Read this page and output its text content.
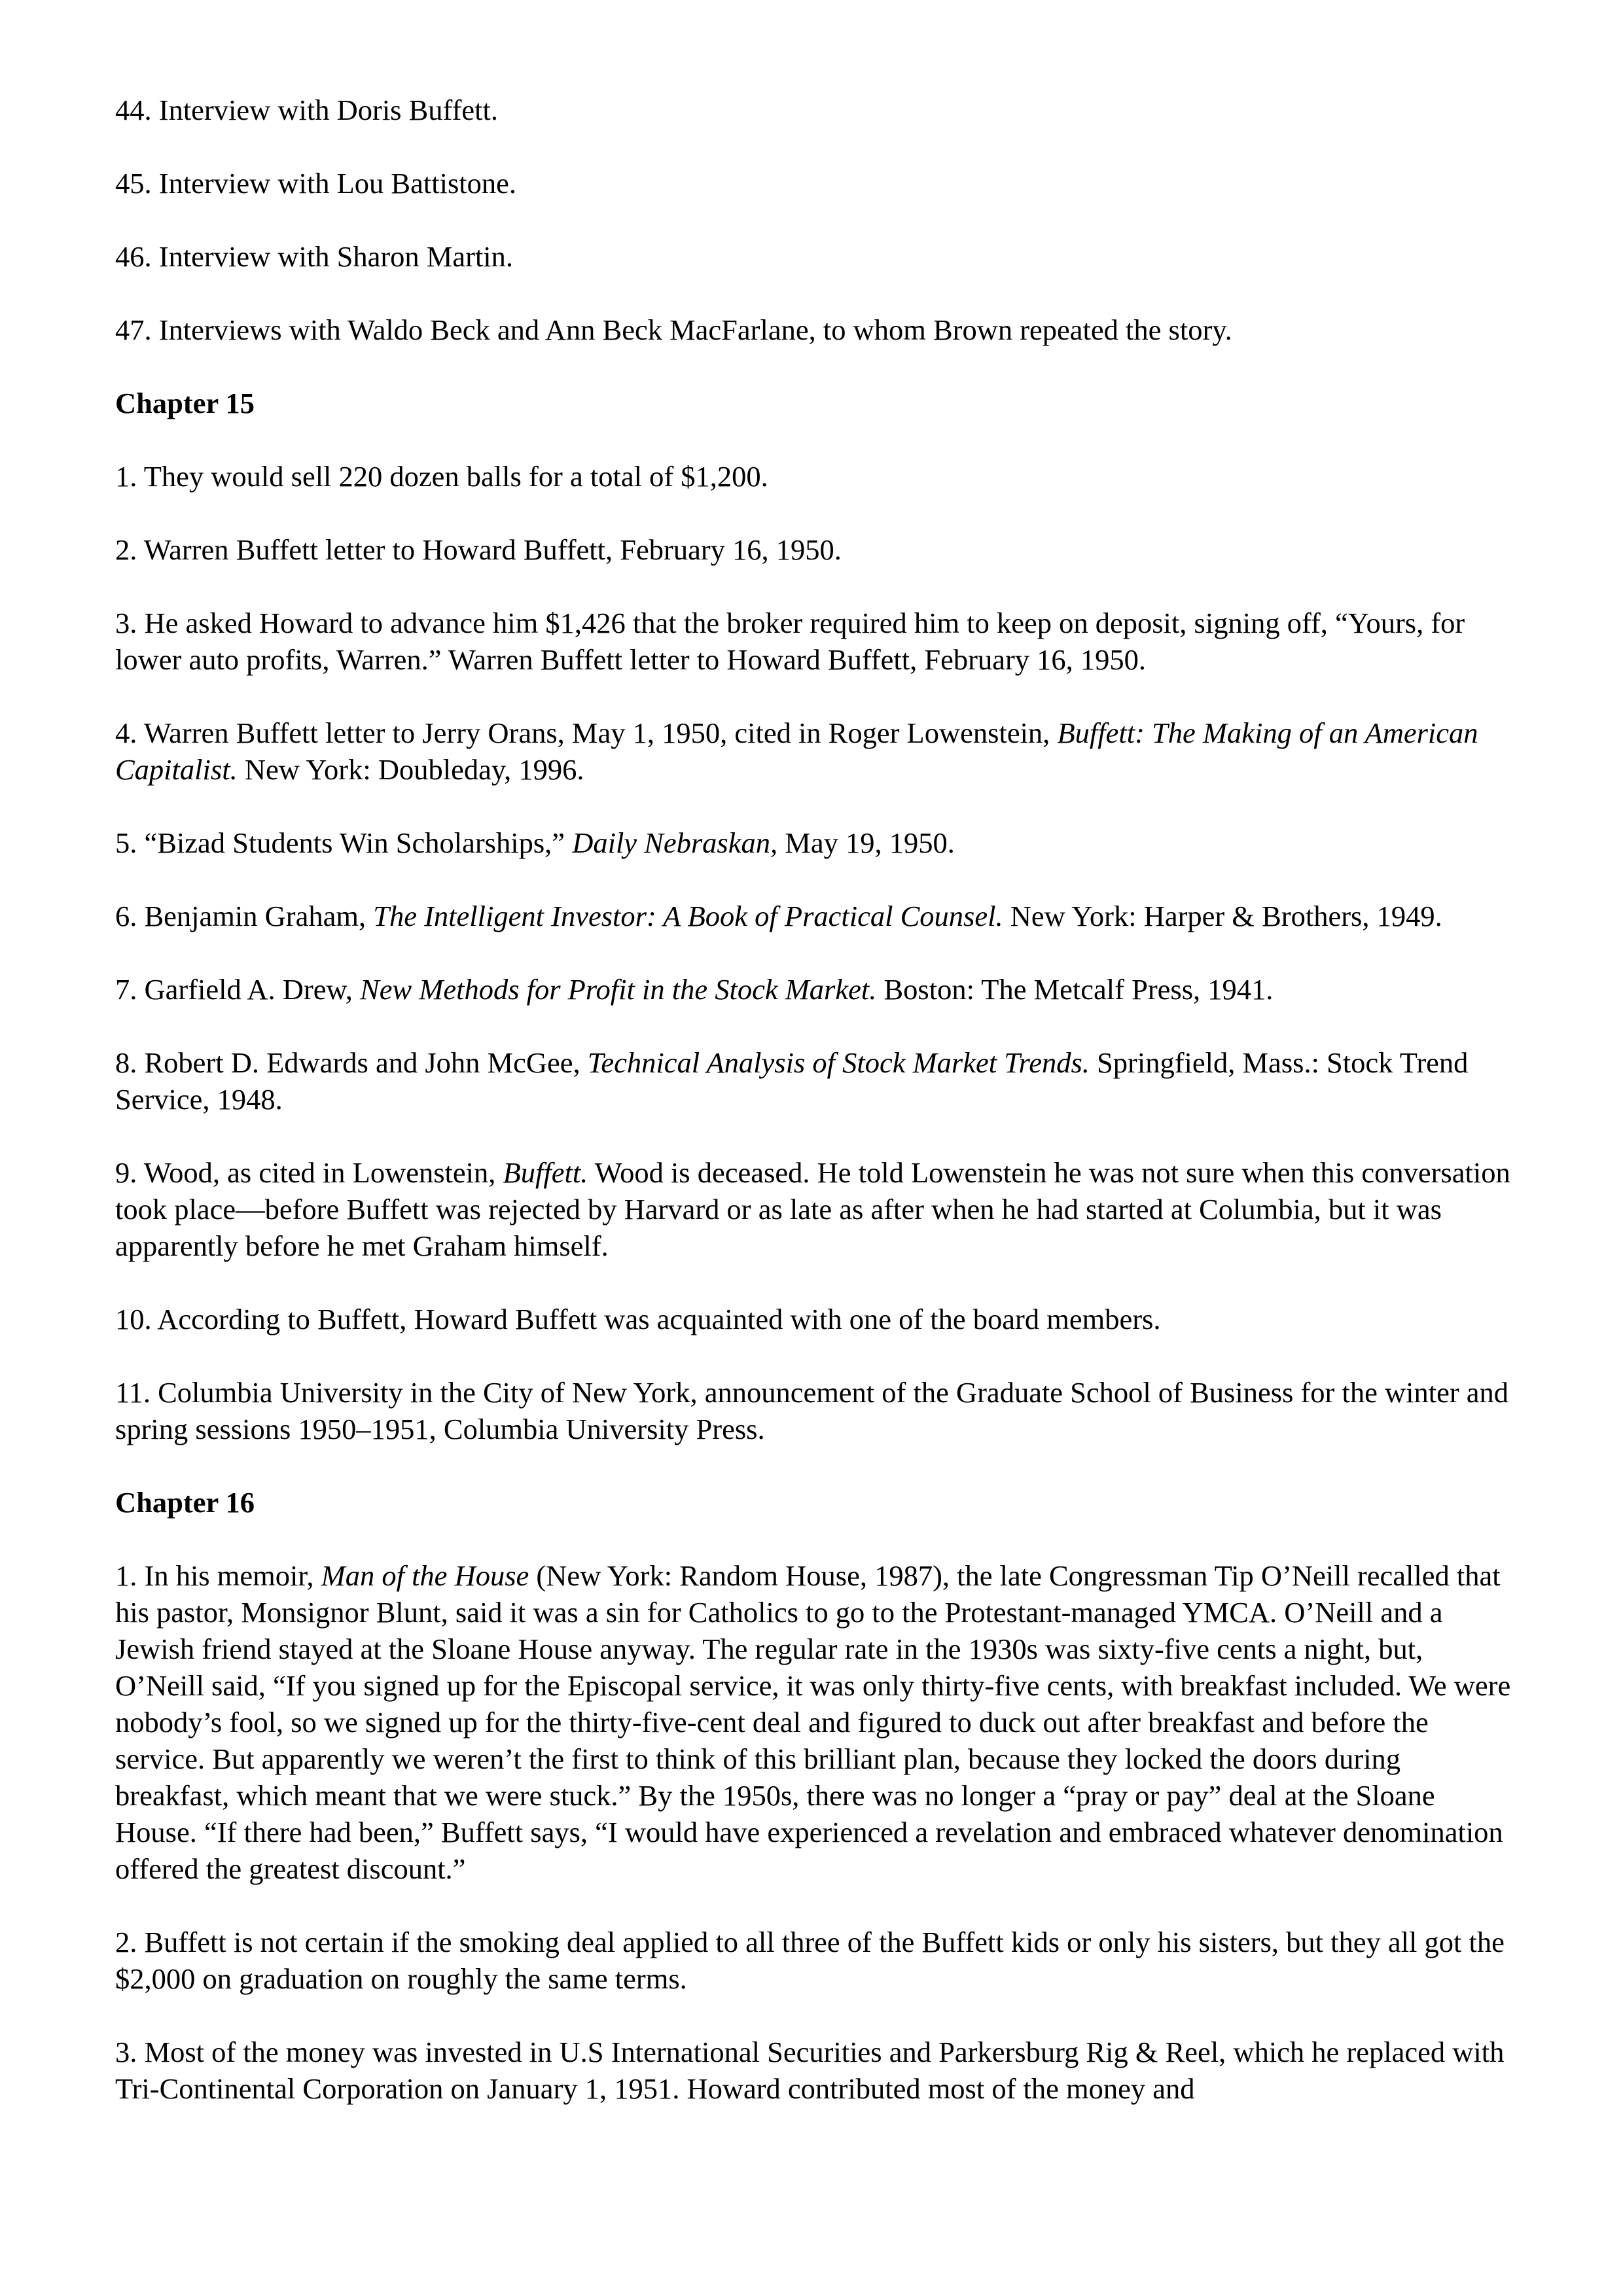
44. Interview with Doris Buffett.

45. Interview with Lou Battistone.

46. Interview with Sharon Martin.

47. Interviews with Waldo Beck and Ann Beck MacFarlane, to whom Brown repeated the story.

Chapter 15

1. They would sell 220 dozen balls for a total of $1,200.

2. Warren Buffett letter to Howard Buffett, February 16, 1950.

3. He asked Howard to advance him $1,426 that the broker required him to keep on deposit, signing off, “Yours, for lower auto profits, Warren.” Warren Buffett letter to Howard Buffett, February 16, 1950.

4. Warren Buffett letter to Jerry Orans, May 1, 1950, cited in Roger Lowenstein, Buffett: The Making of an American Capitalist. New York: Doubleday, 1996.

5. “Bizad Students Win Scholarships,” Daily Nebraskan, May 19, 1950.

6. Benjamin Graham, The Intelligent Investor: A Book of Practical Counsel. New York: Harper & Brothers, 1949.

7. Garfield A. Drew, New Methods for Profit in the Stock Market. Boston: The Metcalf Press, 1941.

8. Robert D. Edwards and John McGee, Technical Analysis of Stock Market Trends. Springfield, Mass.: Stock Trend Service, 1948.

9. Wood, as cited in Lowenstein, Buffett. Wood is deceased. He told Lowenstein he was not sure when this conversation took place—before Buffett was rejected by Harvard or as late as after when he had started at Columbia, but it was apparently before he met Graham himself.

10. According to Buffett, Howard Buffett was acquainted with one of the board members.

11. Columbia University in the City of New York, announcement of the Graduate School of Business for the winter and spring sessions 1950–1951, Columbia University Press.

Chapter 16

1. In his memoir, Man of the House (New York: Random House, 1987), the late Congressman Tip O’Neill recalled that his pastor, Monsignor Blunt, said it was a sin for Catholics to go to the Protestant-managed YMCA. O’Neill and a Jewish friend stayed at the Sloane House anyway. The regular rate in the 1930s was sixty-five cents a night, but, O’Neill said, “If you signed up for the Episcopal service, it was only thirty-five cents, with breakfast included. We were nobody’s fool, so we signed up for the thirty-five-cent deal and figured to duck out after breakfast and before the service. But apparently we weren’t the first to think of this brilliant plan, because they locked the doors during breakfast, which meant that we were stuck.” By the 1950s, there was no longer a “pray or pay” deal at the Sloane House. “If there had been,” Buffett says, “I would have experienced a revelation and embraced whatever denomination offered the greatest discount.”

2. Buffett is not certain if the smoking deal applied to all three of the Buffett kids or only his sisters, but they all got the $2,000 on graduation on roughly the same terms.

3. Most of the money was invested in U.S International Securities and Parkersburg Rig & Reel, which he replaced with Tri-Continental Corporation on January 1, 1951. Howard contributed most of the money and
